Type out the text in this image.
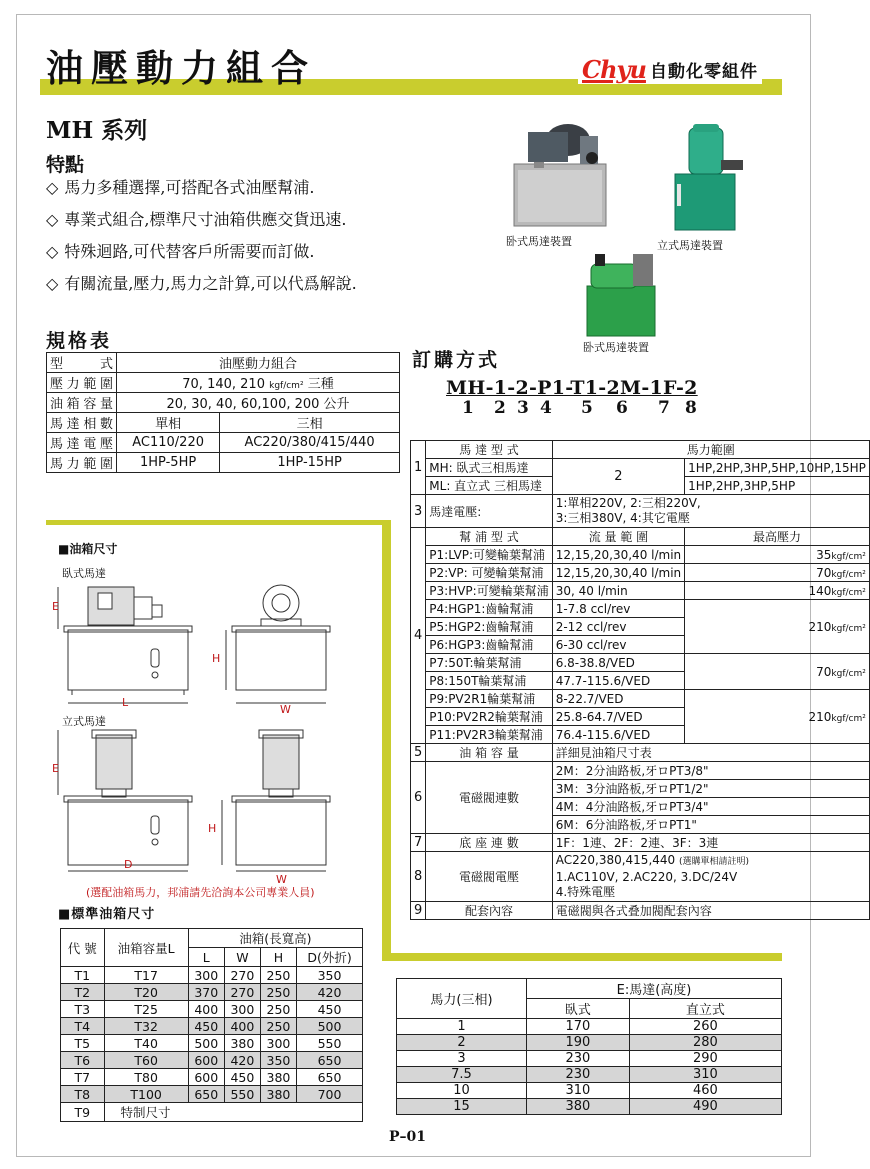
油壓動力組合	Chyu 自動化零組件
MH 系列
特點
◇ 馬力多種選擇,可搭配各式油壓幫浦.
◇ 專業式組合,標準尺寸油箱供應交貨迅速.
◇ 特殊迴路,可代替客戶所需要而訂做.
◇ 有關流量,壓力,馬力之計算,可以代爲解說.
卧式馬達裝置	立式馬達裝置
卧式馬達裝置
規格表
型 式	油壓動力組合	
壓力範圍	70, 140, 210 kgf/cm² 三種	
油箱容量	20, 30, 40, 60,100, 200 公升	
馬達相數	單相	三相
馬達電壓	AC110/220	AC220/380/415/440
馬力範圍	1HP-5HP	1HP-15HP
訂購方式
MH-1-2-P1-T1-2M-1F-2
1 2 3 4 5 6 7 8
1	馬 達 型 式	馬力範圍	
	MH: 臥式三相馬達	2	1HP,2HP,3HP,5HP,10HP,15HP
	ML: 直立式 三相馬達		1HP,2HP,3HP,5HP
3	馬達電壓:	1:單相220V, 2:三相220V,
3:三相380V, 4:其它電壓	

4	幫 浦 型 式	流 量 範 圍	最高壓力
	P1:LVP:可變輪葉幫浦	12,15,20,30,40 l/min	35kgf/cm²
	P2:VP: 可變輪葉幫浦	12,15,20,30,40 l/min	70kgf/cm²
	P3:HVP:可變輪葉幫浦	30, 40 l/min	140kgf/cm²
	P4:HGP1:齒輪幫浦	1-7.8 ccl/rev	210kgf/cm²
	P5:HGP2:齒輪幫浦	2-12 ccl/rev	
	P6:HGP3:齒輪幫浦	6-30 ccl/rev	
	P7:50T:輪葉幫浦	6.8-38.8/VED	70kgf/cm²
	P8:150T輪葉幫浦	47.7-115.6/VED	
	P9:PV2R1輪葉幫浦	8-22.7/VED	210kgf/cm²
	P10:PV2R2輪葉幫浦	25.8-64.7/VED	
	P11:PV2R3輪葉幫浦	76.4-115.6/VED	
5	油 箱 容 量	詳細見油箱尺寸表	
6	電磁閥連數	2M：2分油路板,牙ロPT3/8"	
		3M：3分油路板,牙ロPT1/2"	
		4M：4分油路板,牙ロPT3/4"	
		6M：6分油路板,牙ロPT1"	
7	底 座 連 數	1F：1連、2F：2連、3F：3連	
8	電磁閥電壓	AC220,380,415,440 (選購單相請註明)
1.AC110V, 2.AC220, 3.DC/24V
4.特殊電壓	

9	配套內容	電磁閥與各式叠加閥配套內容	
■油箱尺寸
臥式馬達
立式馬達
E
L
H
W
E
D
H
W
(選配油箱馬力，邦浦請先洽詢本公司專業人員)
■標準油箱尺寸
代 號	油箱容量L	油箱(長寬高)			
		L	W	H	D(外折)
T1	T17	300	270	250	350
T2	T20	370	270	250	420
T3	T25	400	300	250	450
T4	T32	450	400	250	500
T5	T40	500	380	300	550
T6	T60	600	420	350	650
T7	T80	600	450	380	650
T8	T100	650	550	380	700
T9	特制尺寸				
馬力(三相)	E:馬達(高度)	
	臥式	直立式
1	170	260
2	190	280
3	230	290
7.5	230	310
10	310	460
15	380	490
P–01
